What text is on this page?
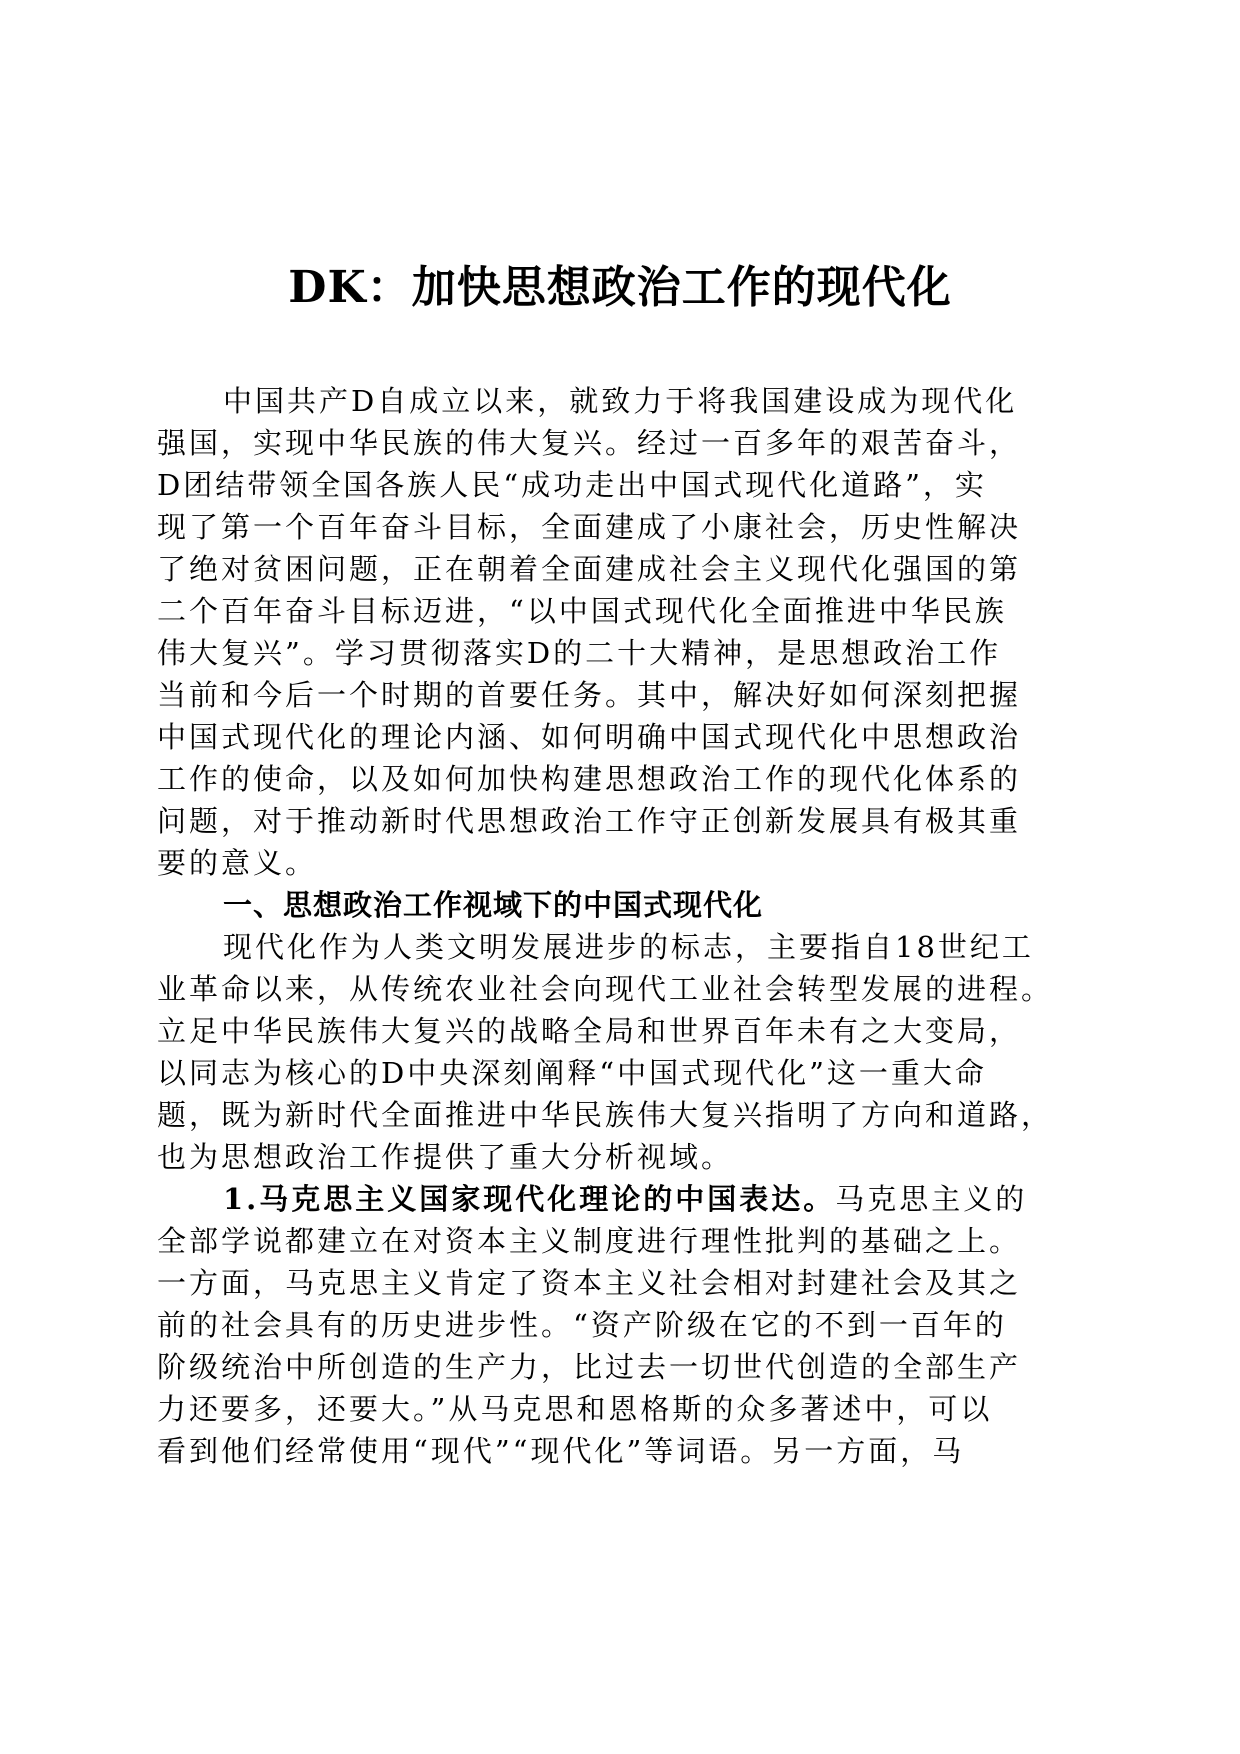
DK：加快思想政治工作的现代化
中国共产D自成立以来，就致力于将我国建设成为现代化
强国，实现中华民族的伟大复兴。经过一百多年的艰苦奋斗，
D团结带领全国各族人民“成功走出中国式现代化道路”，实
现了第一个百年奋斗目标，全面建成了小康社会，历史性解决
了绝对贫困问题，正在朝着全面建成社会主义现代化强国的第
二个百年奋斗目标迈进，“以中国式现代化全面推进中华民族
伟大复兴”。学习贯彻落实D的二十大精神，是思想政治工作
当前和今后一个时期的首要任务。其中，解决好如何深刻把握
中国式现代化的理论内涵、如何明确中国式现代化中思想政治
工作的使命，以及如何加快构建思想政治工作的现代化体系的
问题，对于推动新时代思想政治工作守正创新发展具有极其重
要的意义。
一、思想政治工作视域下的中国式现代化
现代化作为人类文明发展进步的标志，主要指自18世纪工
业革命以来，从传统农业社会向现代工业社会转型发展的进程。
立足中华民族伟大复兴的战略全局和世界百年未有之大变局，
以同志为核心的D中央深刻阐释“中国式现代化”这一重大命
题，既为新时代全面推进中华民族伟大复兴指明了方向和道路，
也为思想政治工作提供了重大分析视域。
1.马克思主义国家现代化理论的中国表达。马克思主义的
全部学说都建立在对资本主义制度进行理性批判的基础之上。
一方面，马克思主义肯定了资本主义社会相对封建社会及其之
前的社会具有的历史进步性。“资产阶级在它的不到一百年的
阶级统治中所创造的生产力，比过去一切世代创造的全部生产
力还要多，还要大。”从马克思和恩格斯的众多著述中，可以
看到他们经常使用“现代”“现代化”等词语。另一方面，马
